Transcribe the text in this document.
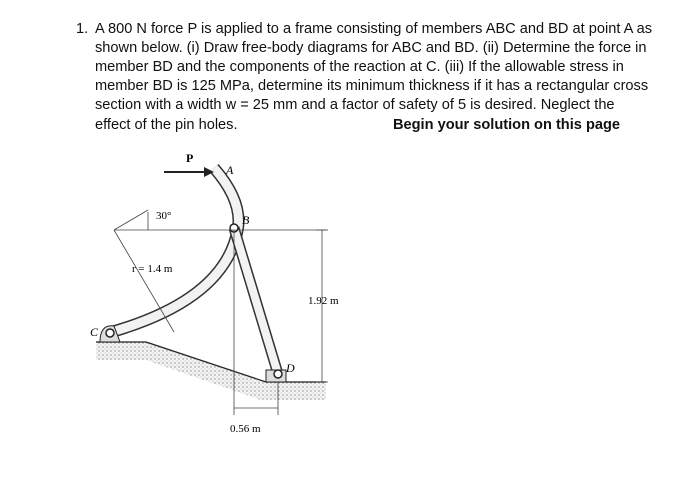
1. A 800 N force P is applied to a frame consisting of members ABC and BD at point A as
shown below. (i) Draw free-body diagrams for ABC and BD. (ii) Determine the force in
member BD and the components of the reaction at C. (iii) If the allowable stress in
member BD is 125 MPa, determine its minimum thickness if it has a rectangular cross
section with a width w = 25 mm and a factor of safety of 5 is desired. Neglect the
effect of the pin holes.	Begin your solution on this page
P
A
B
C
D
30°
r = 1.4 m
1.92 m
0.56 m
